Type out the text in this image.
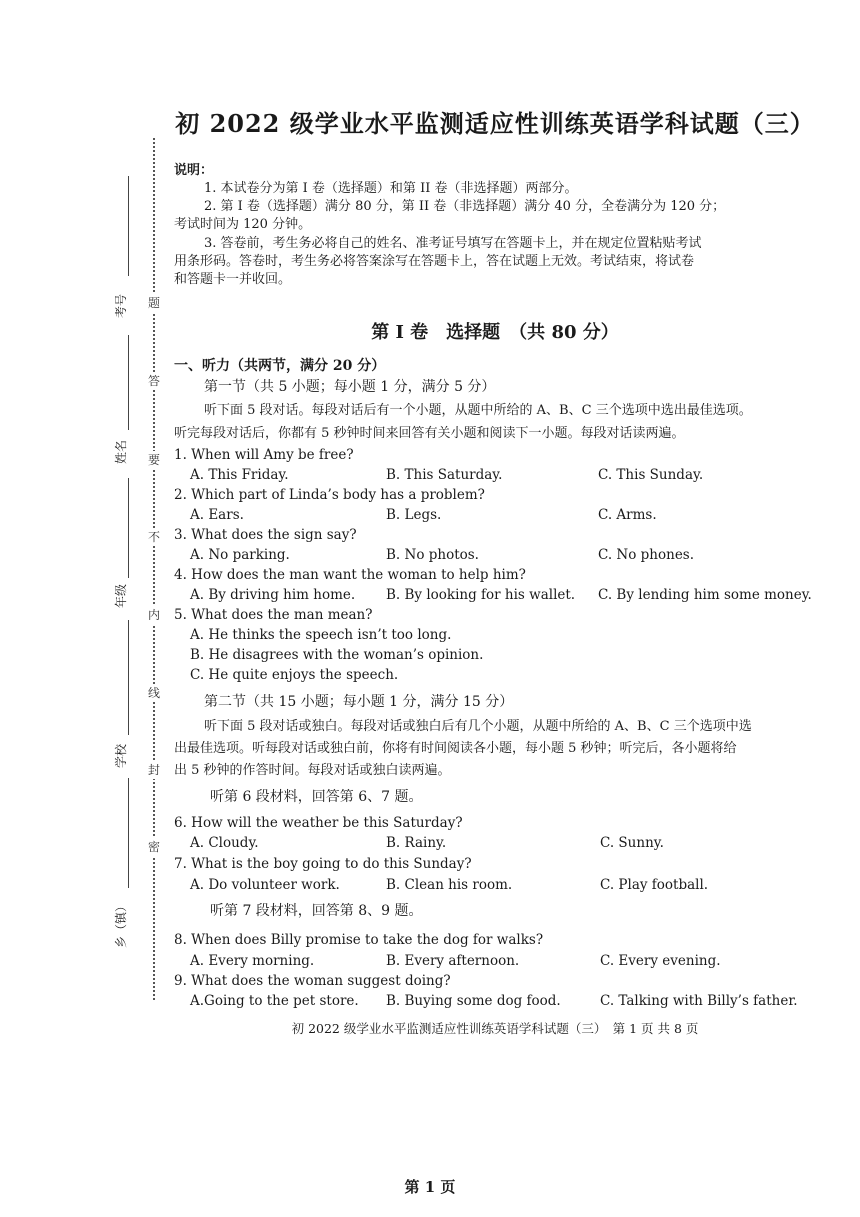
初 2022 级学业水平监测适应性训练英语学科试题（三）
题
答
要
不
内
线
封
密
考号
姓名
年级
学校
乡（镇）
说明：
1. 本试卷分为第 I 卷（选择题）和第 II 卷（非选择题）两部分。
2. 第 I 卷（选择题）满分 80 分，第 II 卷（非选择题）满分 40 分，全卷满分为 120 分；
考试时间为 120 分钟。
3. 答卷前，考生务必将自己的姓名、准考证号填写在答题卡上，并在规定位置粘贴考试
用条形码。答卷时，考生务必将答案涂写在答题卡上，答在试题上无效。考试结束，将试卷
和答题卡一并收回。
第 I 卷　选择题　（共 80 分）
一、听力（共两节，满分 20 分）
第一节（共 5 小题；每小题 1 分，满分 5 分）
听下面 5 段对话。每段对话后有一个小题，从题中所给的 A、B、C 三个选项中选出最佳选项。
听完每段对话后，你都有 5 秒钟时间来回答有关小题和阅读下一小题。每段对话读两遍。
1. When will Amy be free?
A. This Friday.	B. This Saturday.	C. This Sunday.
2. Which part of Linda’s body has a problem?
A. Ears.	B. Legs.	C. Arms.
3. What does the sign say?
A. No parking.	B. No photos.	C. No phones.
4. How does the man want the woman to help him?
A. By driving him home. B. By looking for his wallet. C. By lending him some money.
5. What does the man mean?
A. He thinks the speech isn’t too long.
B. He disagrees with the woman’s opinion.
C. He quite enjoys the speech.
第二节（共 15 小题；每小题 1 分，满分 15 分）
听下面 5 段对话或独白。每段对话或独白后有几个小题，从题中所给的 A、B、C 三个选项中选
出最佳选项。听每段对话或独白前，你将有时间阅读各小题，每小题 5 秒钟；听完后，各小题将给
出 5 秒钟的作答时间。每段对话或独白读两遍。
听第 6 段材料，回答第 6、7 题。
6. How will the weather be this Saturday?
A. Cloudy.	B. Rainy.	C. Sunny.
7. What is the boy going to do this Sunday?
A. Do volunteer work.	B. Clean his room.	C. Play football.
听第 7 段材料，回答第 8、9 题。
8. When does Billy promise to take the dog for walks?
A. Every morning.	B. Every afternoon.	C. Every evening.
9. What does the woman suggest doing?
A.Going to the pet store. B. Buying some dog food.	C. Talking with Billy’s father.
初 2022 级学业水平监测适应性训练英语学科试题（三）　第 1 页 共 8 页
第 1 页
